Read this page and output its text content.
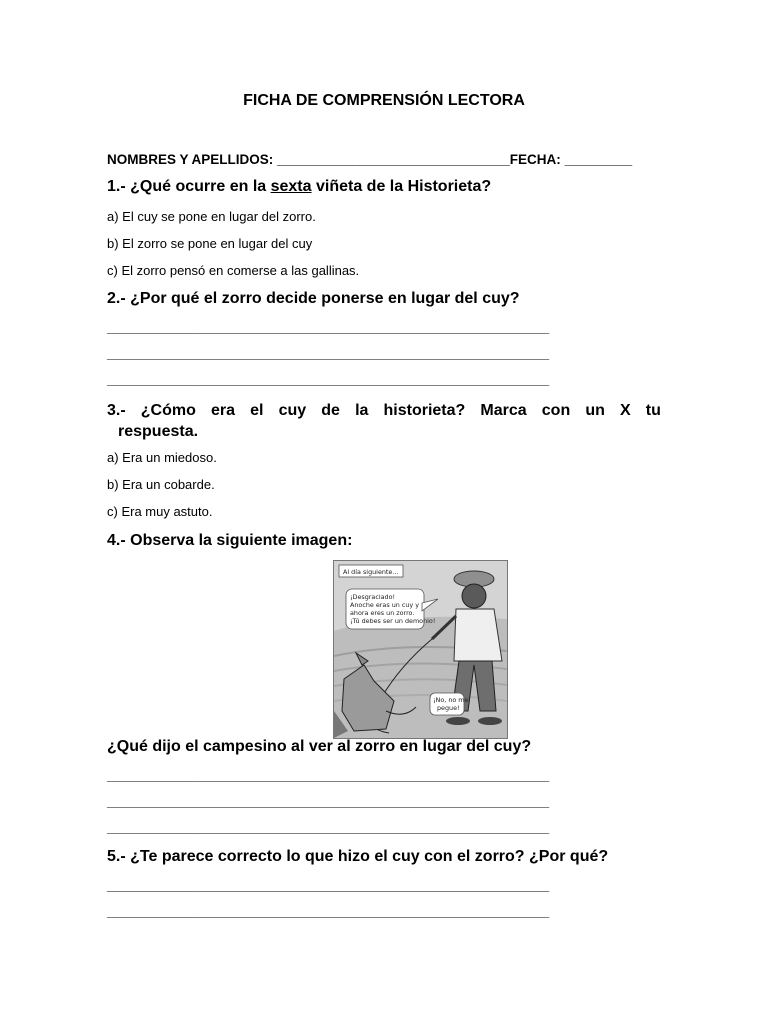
FICHA DE COMPRENSIÓN LECTORA
NOMBRES Y APELLIDOS: _______________________________FECHA: _________
1.- ¿Qué ocurre en la sexta viñeta de la Historieta?
a) El cuy se pone en lugar del zorro.
b) El zorro se pone en lugar del cuy
c) El zorro pensó en comerse a las gallinas.
2.- ¿Por qué el zorro decide ponerse en lugar del cuy?
______________________________________________________________
______________________________________________________________
______________________________________________________________
3.- ¿Cómo era el cuy de la historieta? Marca con un X tu
respuesta.
a) Era un miedoso.
b) Era un cobarde.
c) Era muy astuto.
4.- Observa la siguiente imagen:
Al día siguiente...
¡Desgraciado!
Anoche eras un cuy y
ahora eres un zorro.
¡Tú debes ser un demonio!
¡No, no me
pegue!
¿Qué dijo el campesino al ver al zorro en lugar del cuy?
______________________________________________________________
______________________________________________________________
______________________________________________________________
5.- ¿Te parece correcto lo que hizo el cuy con el zorro? ¿Por qué?
______________________________________________________________
______________________________________________________________
